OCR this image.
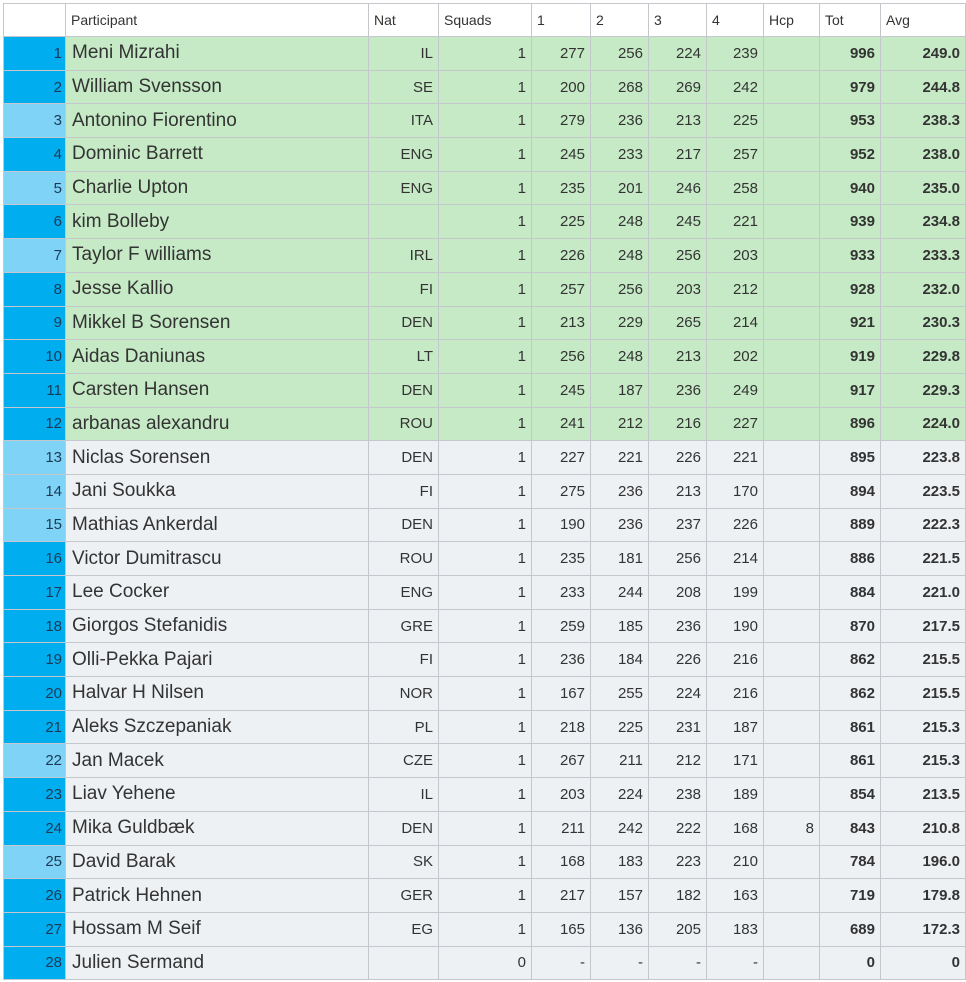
	Participant	Nat	Squads	1	2	3	4	Hcp	Tot	Avg
1	Meni Mizrahi	IL	1	277	256	224	239		996	249.0
2	William Svensson	SE	1	200	268	269	242		979	244.8
3	Antonino Fiorentino	ITA	1	279	236	213	225		953	238.3
4	Dominic Barrett	ENG	1	245	233	217	257		952	238.0
5	Charlie Upton	ENG	1	235	201	246	258		940	235.0
6	kim Bolleby		1	225	248	245	221		939	234.8
7	Taylor F williams	IRL	1	226	248	256	203		933	233.3
8	Jesse Kallio	FI	1	257	256	203	212		928	232.0
9	Mikkel B Sorensen	DEN	1	213	229	265	214		921	230.3
10	Aidas Daniunas	LT	1	256	248	213	202		919	229.8
11	Carsten Hansen	DEN	1	245	187	236	249		917	229.3
12	arbanas alexandru	ROU	1	241	212	216	227		896	224.0
13	Niclas Sorensen	DEN	1	227	221	226	221		895	223.8
14	Jani Soukka	FI	1	275	236	213	170		894	223.5
15	Mathias Ankerdal	DEN	1	190	236	237	226		889	222.3
16	Victor Dumitrascu	ROU	1	235	181	256	214		886	221.5
17	Lee Cocker	ENG	1	233	244	208	199		884	221.0
18	Giorgos Stefanidis	GRE	1	259	185	236	190		870	217.5
19	Olli-Pekka Pajari	FI	1	236	184	226	216		862	215.5
20	Halvar H Nilsen	NOR	1	167	255	224	216		862	215.5
21	Aleks Szczepaniak	PL	1	218	225	231	187		861	215.3
22	Jan Macek	CZE	1	267	211	212	171		861	215.3
23	Liav Yehene	IL	1	203	224	238	189		854	213.5
24	Mika Guldbæk	DEN	1	211	242	222	168	8	843	210.8
25	David Barak	SK	1	168	183	223	210		784	196.0
26	Patrick Hehnen	GER	1	217	157	182	163		719	179.8
27	Hossam M Seif	EG	1	165	136	205	183		689	172.3
28	Julien Sermand		0	-	-	-	-		0	0
